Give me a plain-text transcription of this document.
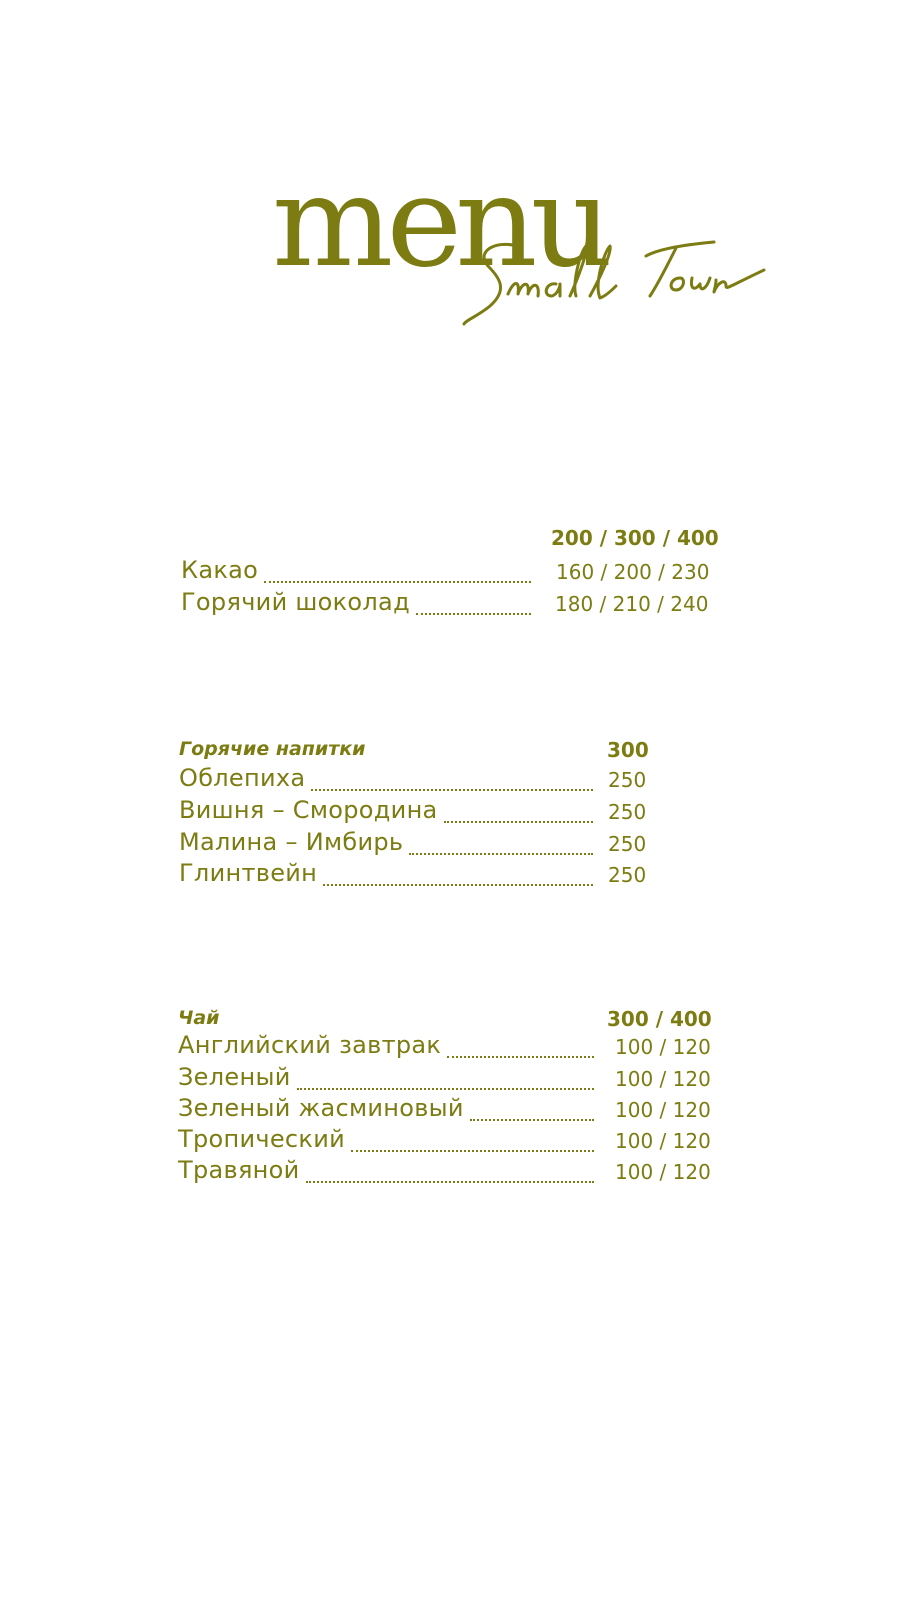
menu
200 / 300 / 400
Какао	160 / 200 / 230
Горячий шоколад	180 / 210 / 240
Горячие напитки	300
Облепиха	250
Вишня – Смородина	250
Малина – Имбирь	250
Глинтвейн	250
Чай	300 / 400
Английский завтрак	100 / 120
Зеленый	100 / 120
Зеленый жасминовый	100 / 120
Тропический	100 / 120
Травяной	100 / 120
